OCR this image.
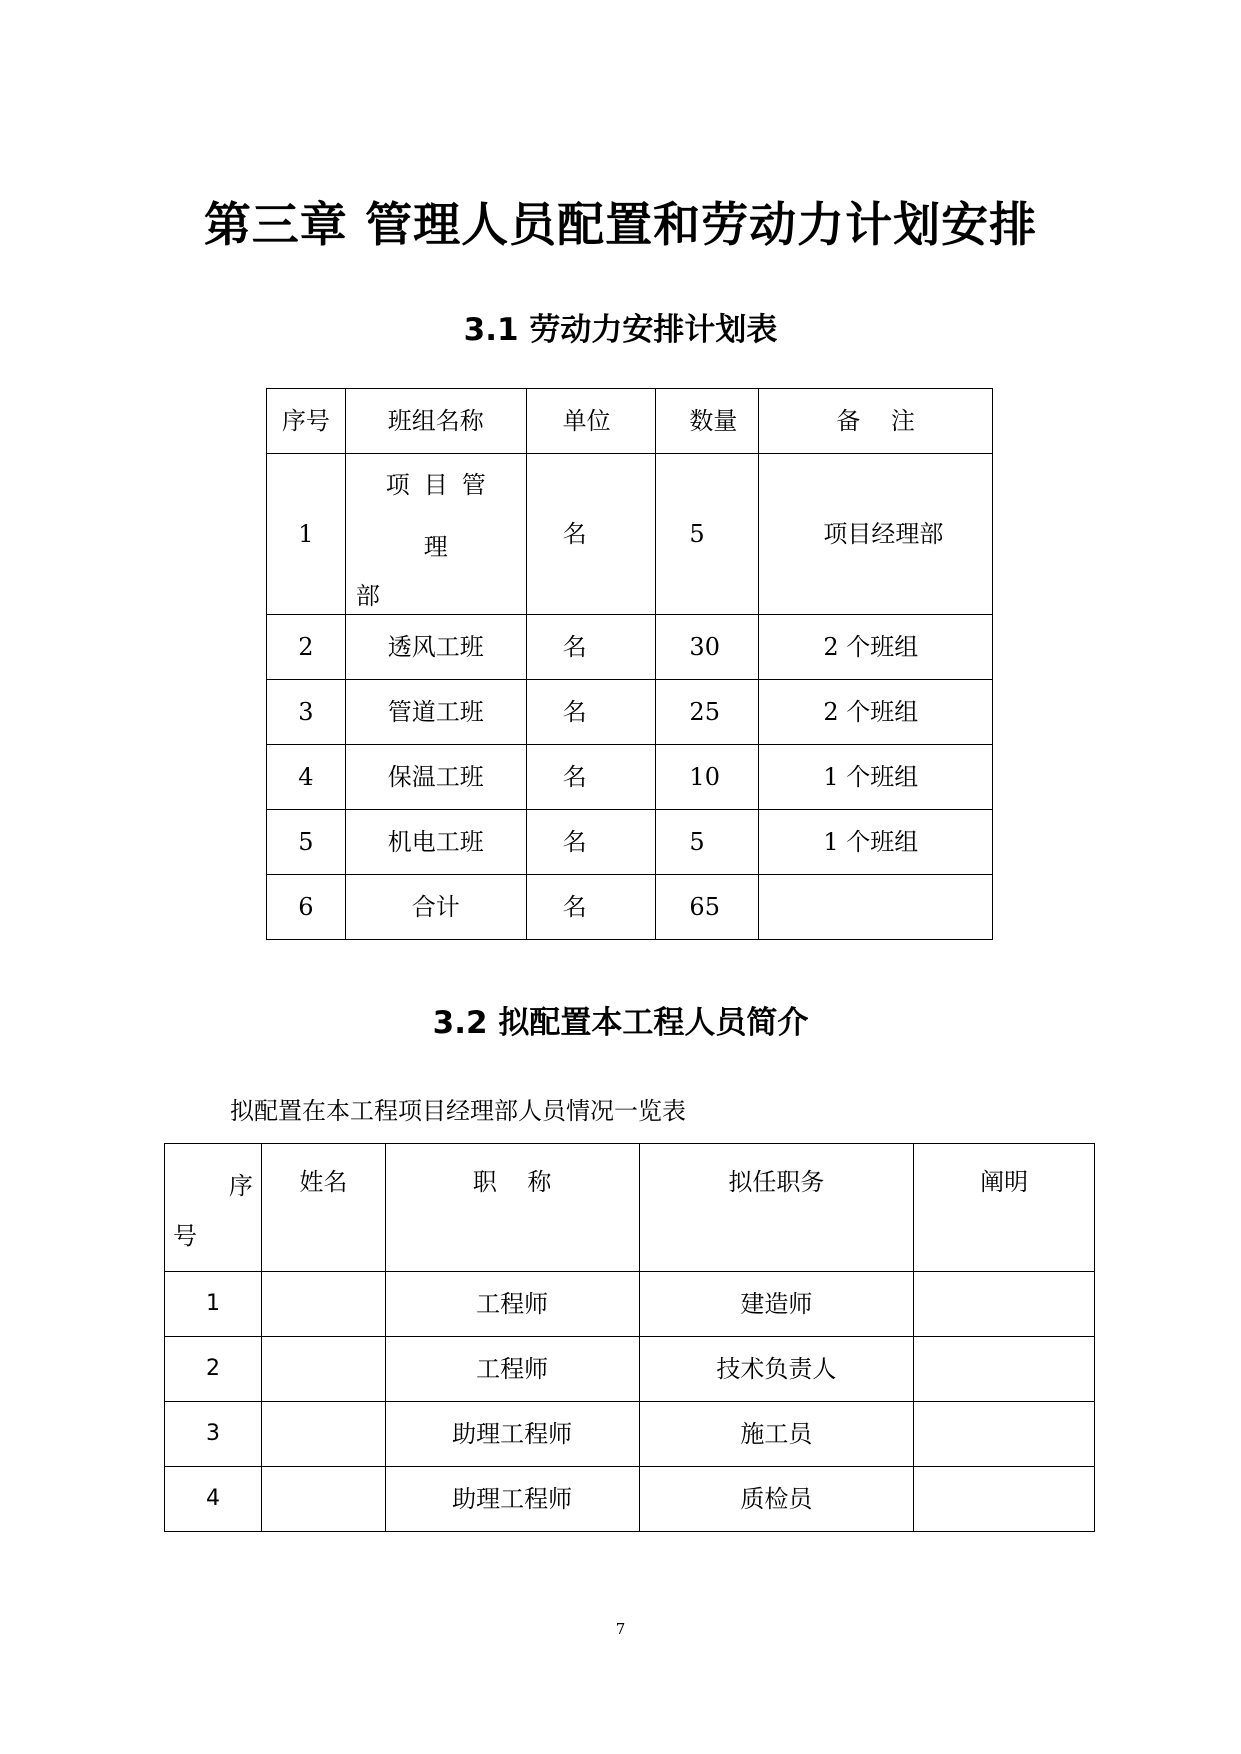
第三章 管理人员配置和劳动力计划安排
3.1 劳动力安排计划表
序号	班组名称	单位	数量	备    注
1	项目管理
部	名	5	项目经理部
2	透风工班	名	30	2 个班组
3	管道工班	名	25	2 个班组
4	保温工班	名	10	1 个班组
5	机电工班	名	5	1 个班组
6	合计	名	65	
3.2 拟配置本工程人员简介

拟配置在本工程项目经理部人员情况一览表

序
号	姓名	职    称	拟任职务	阐明
1		工程师	建造师	
2		工程师	技术负责人	
3		助理工程师	施工员	
4		助理工程师	质检员	
7
